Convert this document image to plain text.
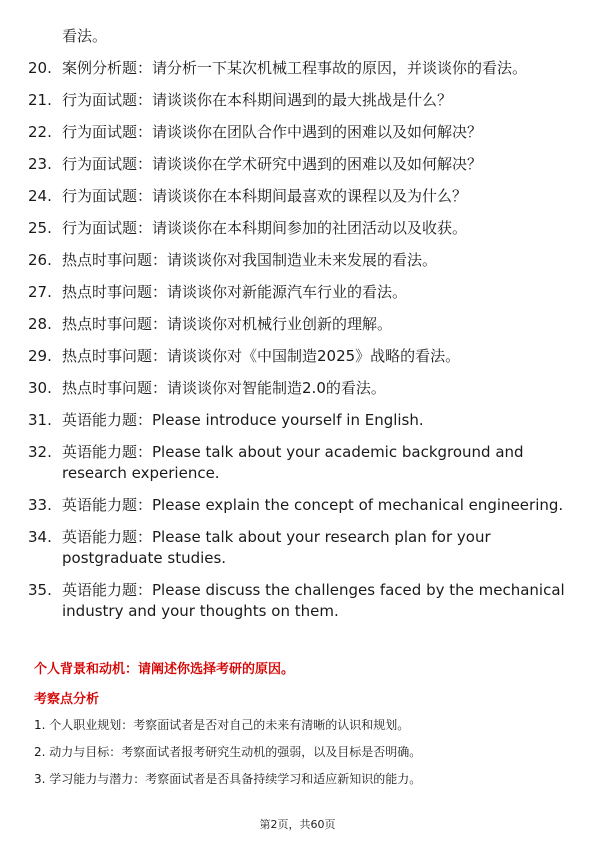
看法。
20. 案例分析题：请分析一下某次机械工程事故的原因，并谈谈你的看法。
21. 行为面试题：请谈谈你在本科期间遇到的最大挑战是什么？
22. 行为面试题：请谈谈你在团队合作中遇到的困难以及如何解决？
23. 行为面试题：请谈谈你在学术研究中遇到的困难以及如何解决？
24. 行为面试题：请谈谈你在本科期间最喜欢的课程以及为什么？
25. 行为面试题：请谈谈你在本科期间参加的社团活动以及收获。
26. 热点时事问题：请谈谈你对我国制造业未来发展的看法。
27. 热点时事问题：请谈谈你对新能源汽车行业的看法。
28. 热点时事问题：请谈谈你对机械行业创新的理解。
29. 热点时事问题：请谈谈你对《中国制造2025》战略的看法。
30. 热点时事问题：请谈谈你对智能制造2.0的看法。
31. 英语能力题：Please introduce yourself in English.
32. 英语能力题：Please talk about your academic background and research experience.
33. 英语能力题：Please explain the concept of mechanical engineering.
34. 英语能力题：Please talk about your research plan for your postgraduate studies.
35. 英语能力题：Please discuss the challenges faced by the mechanical industry and your thoughts on them.
个人背景和动机：请阐述你选择考研的原因。
考察点分析
1. 个人职业规划：考察面试者是否对自己的未来有清晰的认识和规划。
2. 动力与目标：考察面试者报考研究生动机的强弱，以及目标是否明确。
3. 学习能力与潜力：考察面试者是否具备持续学习和适应新知识的能力。
第2页，共60页
